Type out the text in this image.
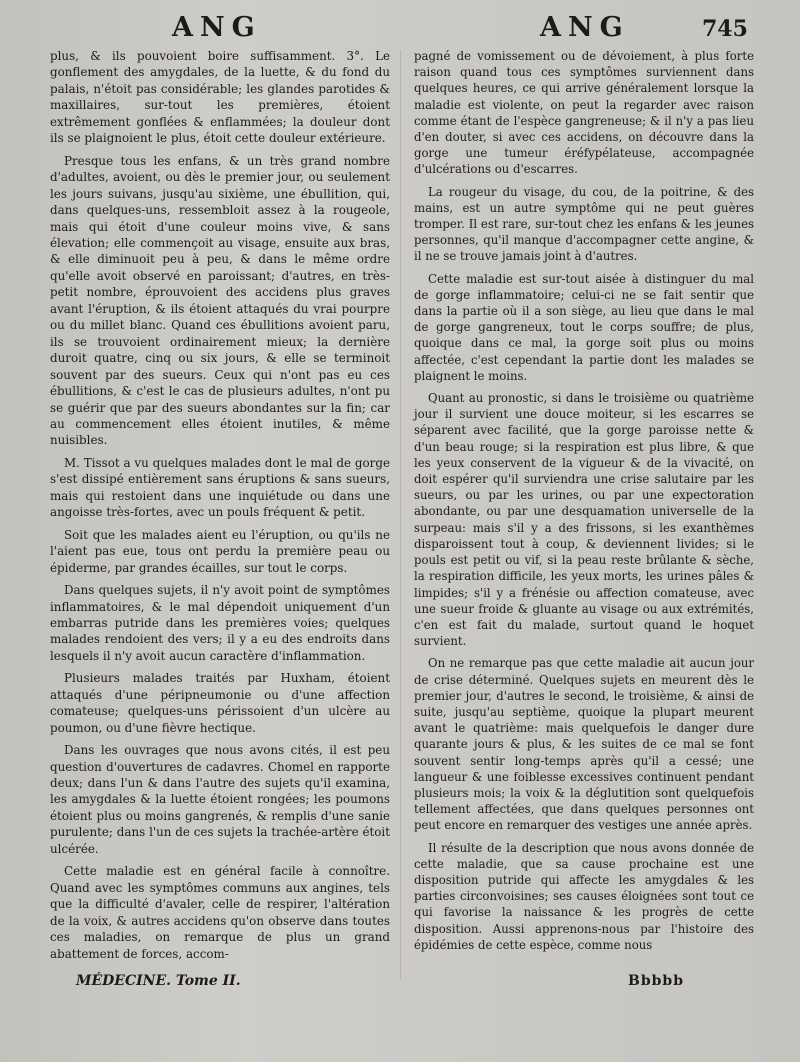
ANG	ANG	745

plus, & ils pouvoient boire suffisamment. 3°. Le gonflement des amygdales, de la luette, & du fond du palais, n'étoit pas considérable; les glandes parotides & maxillaires, sur-tout les premières, étoient extrêmement gonflées & enflammées; la douleur dont ils se plaignoient le plus, étoit cette douleur extérieure.

Presque tous les enfans, & un très grand nombre d'adultes, avoient, ou dès le premier jour, ou seulement les jours suivans, jusqu'au sixième, une ébullition, qui, dans quelques-uns, ressembloit assez à la rougeole, mais qui étoit d'une couleur moins vive, & sans élevation; elle commençoit au visage, ensuite aux bras, & elle diminuoit peu à peu, & dans le même ordre qu'elle avoit observé en paroissant; d'autres, en très-petit nombre, éprouvoient des accidens plus graves avant l'éruption, & ils étoient attaqués du vrai pourpre ou du millet blanc. Quand ces ébullitions avoient paru, ils se trouvoient ordinairement mieux; la dernière duroit quatre, cinq ou six jours, & elle se terminoit souvent par des sueurs. Ceux qui n'ont pas eu ces ébullitions, & c'est le cas de plusieurs adultes, n'ont pu se guérir que par des sueurs abondantes sur la fin; car au commencement elles étoient inutiles, & même nuisibles.

M. Tissot a vu quelques malades dont le mal de gorge s'est dissipé entièrement sans éruptions & sans sueurs, mais qui restoient dans une inquiétude ou dans une angoisse très-fortes, avec un pouls fréquent & petit.

Soit que les malades aient eu l'éruption, ou qu'ils ne l'aient pas eue, tous ont perdu la première peau ou épiderme, par grandes écailles, sur tout le corps.

Dans quelques sujets, il n'y avoit point de symptômes inflammatoires, & le mal dépendoit uniquement d'un embarras putride dans les premières voies; quelques malades rendoient des vers; il y a eu des endroits dans lesquels il n'y avoit aucun caractère d'inflammation.

Plusieurs malades traités par Huxham, étoient attaqués d'une péripneumonie ou d'une affection comateuse; quelques-uns périssoient d'un ulcère au poumon, ou d'une fièvre hectique.

Dans les ouvrages que nous avons cités, il est peu question d'ouvertures de cadavres. Chomel en rapporte deux; dans l'un & dans l'autre des sujets qu'il examina, les amygdales & la luette étoient rongées; les poumons étoient plus ou moins gangrenés, & remplis d'une sanie purulente; dans l'un de ces sujets la trachée-artère étoit ulcérée.

Cette maladie est en général facile à connoître. Quand avec les symptômes communs aux angines, tels que la difficulté d'avaler, celle de respirer, l'altération de la voix, & autres accidens qu'on observe dans toutes ces maladies, on remarque de plus un grand abattement de forces, accom-

pagné de vomissement ou de dévoiement, à plus forte raison quand tous ces symptômes surviennent dans quelques heures, ce qui arrive généralement lorsque la maladie est violente, on peut la regarder avec raison comme étant de l'espèce gangreneuse; & il n'y a pas lieu d'en douter, si avec ces accidens, on découvre dans la gorge une tumeur éréfypélateuse, accompagnée d'ulcérations ou d'escarres.

La rougeur du visage, du cou, de la poitrine, & des mains, est un autre symptôme qui ne peut guères tromper. Il est rare, sur-tout chez les enfans & les jeunes personnes, qu'il manque d'accompagner cette angine, & il ne se trouve jamais joint à d'autres.

Cette maladie est sur-tout aisée à distinguer du mal de gorge inflammatoire; celui-ci ne se fait sentir que dans la partie où il a son siège, au lieu que dans le mal de gorge gangreneux, tout le corps souffre; de plus, quoique dans ce mal, la gorge soit plus ou moins affectée, c'est cependant la partie dont les malades se plaignent le moins.

Quant au pronostic, si dans le troisième ou quatrième jour il survient une douce moiteur, si les escarres se séparent avec facilité, que la gorge paroisse nette & d'un beau rouge; si la respiration est plus libre, & que les yeux conservent de la vigueur & de la vivacité, on doit espérer qu'il surviendra une crise salutaire par les sueurs, ou par les urines, ou par une expectoration abondante, ou par une desquamation universelle de la surpeau: mais s'il y a des frissons, si les exanthèmes disparoissent tout à coup, & deviennent livides; si le pouls est petit ou vif, si la peau reste brûlante & sèche, la respiration difficile, les yeux morts, les urines pâles & limpides; s'il y a frénésie ou affection comateuse, avec une sueur froide & gluante au visage ou aux extrémités, c'en est fait du malade, surtout quand le hoquet survient.

On ne remarque pas que cette maladie ait aucun jour de crise déterminé. Quelques sujets en meurent dès le premier jour, d'autres le second, le troisième, & ainsi de suite, jusqu'au septième, quoique la plupart meurent avant le quatrième: mais quelquefois le danger dure quarante jours & plus, & les suites de ce mal se font souvent sentir long-temps après qu'il a cessé; une langueur & une foiblesse excessives continuent pendant plusieurs mois; la voix & la déglutition sont quelquefois tellement affectées, que dans quelques personnes ont peut encore en remarquer des vestiges une année après.

Il résulte de la description que nous avons donnée de cette maladie, que sa cause prochaine est une disposition putride qui affecte les amygdales & les parties circonvoisines; ses causes éloignées sont tout ce qui favorise la naissance & les progrès de cette disposition. Aussi apprenons-nous par l'histoire des épidémies de cette espèce, comme nous

MÉDECINE. Tome II.	Bbbbb
